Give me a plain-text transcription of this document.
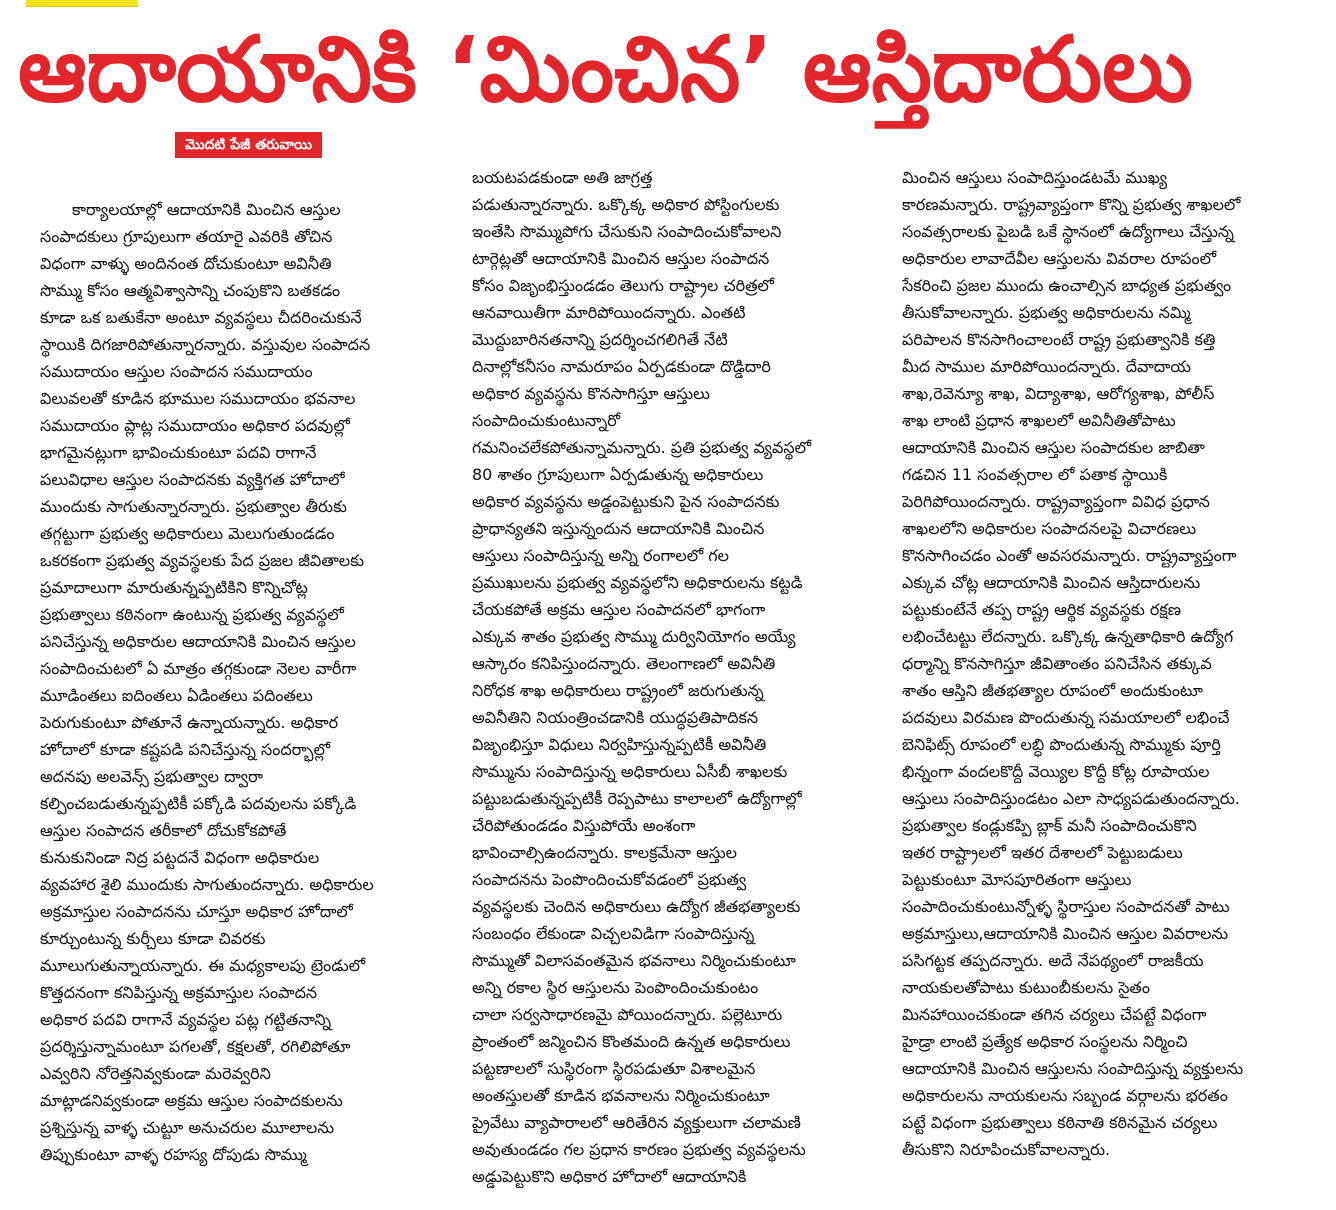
ఆదాయానికి ‘మించిన’ ఆస్తిదారులు
మొదటి పేజీ తరువాయి

కార్యాలయాల్లో ఆదాయానికి మించిన ఆస్తుల

సంపాదకులు గ్రూపులుగా తయారై ఎవరికి తోచిన

విధంగా వాళ్ళు అందినంత దోచుకుంటూ అవినీతి

సొమ్ము కోసం ఆత్మవిశ్వాసాన్ని చంపుకొని బతకడం

కూడా ఒక బతుకేనా అంటూ వ్యవస్థలు చీదరించుకునే

స్థాయికి దిగజారిపోతున్నారన్నారు. వస్తువుల సంపాదన

సముదాయం ఆస్తుల సంపాదన సముదాయం

విలువలతో కూడిన భూముల సముదాయం భవనాల

సముదాయం ప్లాట్ల సముదాయం అధికార పదవుల్లో

భాగమైనట్లుగా భావించుకుంటూ పదవి రాగానే

పలువిధాల ఆస్తుల సంపాదనకు వ్యక్తిగత హోదాలో

ముందుకు సాగుతున్నారన్నారు. ప్రభుత్వాల తీరుకు

తగ్గట్టుగా ప్రభుత్వ అధికారులు మెలుగుతుండడం

ఒకరకంగా ప్రభుత్వ వ్యవస్థలకు పేద ప్రజల జీవితాలకు

ప్రమాదాలుగా మారుతున్నప్పటికిని కొన్నిచోట్ల

ప్రభుత్వాలు కఠినంగా ఉంటున్న ప్రభుత్వ వ్యవస్థలో

పనిచేస్తున్న అధికారుల ఆదాయానికి మించిన ఆస్తుల

సంపాదించుటలో ఏ మాత్రం తగ్గకుండా నెలల వారీగా

మూడింతలు ఐదింతలు ఏడింతలు పదింతలు

పెరుగుకుంటూ పోతూనే ఉన్నాయన్నారు. అధికార

హోదాలో కూడా కష్టపడి పనిచేస్తున్న సందర్భాల్లో

అదనపు అలవెన్స్ ప్రభుత్వాల ద్వారా

కల్పించబడుతున్నప్పటికీ పక్కోడి పదవులను పక్కోడి

ఆస్తుల సంపాదన తరీకాలో దోచుకోకపోతే

కునుకునిండా నిద్ర పట్టదనే విధంగా అధికారుల

వ్యవహార శైలి ముందుకు సాగుతుందన్నారు. అధికారుల

అక్రమాస్తుల సంపాదనను చూస్తూ అధికార హోదాలో

కూర్చుంటున్న కుర్చీలు కూడా చివరకు

మూలుగుతున్నాయన్నారు. ఈ మధ్యకాలపు ట్రెండులో

కొత్తదనంగా కనిపిస్తున్న అక్రమాస్తుల సంపాదన

అధికార పదవి రాగానే వ్యవస్థల పట్ల గట్టితనాన్ని

ప్రదర్శిస్తున్నామంటూ పగలతో, కక్షలతో, రగిలిపోతూ

ఎవ్వరిని నోరెత్తనివ్వకుండా మరెవ్వరిని

మాట్లాడనివ్వకుండా అక్రమ ఆస్తుల సంపాదకులను

ప్రశ్నిస్తున్న వాళ్ళ చుట్టూ అనుచరుల మూలాలను

తిప్పుకుంటూ వాళ్ళ రహస్య దోపుడు సొమ్ము

బయటపడకుండా అతి జాగ్రత్త

పడుతున్నారన్నారు. ఒక్కొక్క అధికార పోస్టింగులకు

ఇంతేసి సొమ్ముపోగు చేసుకుని సంపాదించుకోవాలని

టార్గెట్లతో ఆదాయానికి మించిన ఆస్తుల సంపాదన

కోసం విజృంభిస్తుండడం తెలుగు రాష్ట్రాల చరిత్రలో

ఆనవాయితీగా మారిపోయిందన్నారు. ఎంతటి

మొద్దుబారినతనాన్ని ప్రదర్శించగలిగితే నేటి

దినాల్లోకనీసం నామరూపం ఏర్పడకుండా దొడ్డిదారి

అధికార వ్యవస్థను కొనసాగిస్తూ ఆస్తులు

సంపాదించుకుంటున్నారో

గమనించలేకపోతున్నామన్నారు. ప్రతి ప్రభుత్వ వ్యవస్థలో

80 శాతం గ్రూపులుగా ఏర్పడుతున్న అధికారులు

అధికార వ్యవస్థను అడ్డంపెట్టుకుని పైన సంపాదనకు

ప్రాధాన్యతని ఇస్తున్నందున ఆదాయానికి మించిన

ఆస్తులు సంపాదిస్తున్న అన్ని రంగాలలో గల

ప్రముఖులను ప్రభుత్వ వ్యవస్థలోని అధికారులను కట్టడి

చేయకపోతే అక్రమ ఆస్తుల సంపాదనలో భాగంగా

ఎక్కువ శాతం ప్రభుత్వ సొమ్ము దుర్వినియోగం అయ్యే

ఆస్కారం కనిపిస్తుందన్నారు. తెలంగాణలో అవినీతి

నిరోధక శాఖ అధికారులు రాష్ట్రంలో జరుగుతున్న

అవినీతిని నియంత్రించడానికి యుద్ధప్రతిపాదికన

విజృంభిస్తూ విధులు నిర్వహిస్తున్నప్పటికీ అవినీతి

సొమ్మును సంపాదిస్తున్న అధికారులు ఏసీబీ శాఖలకు

పట్టుబడుతున్నప్పటికీ రెప్పపాటు కాలాలలో ఉద్యోగాల్లో

చేరిపోతుండడం విస్తుపోయే అంశంగా

భావించాల్సిఉందన్నారు. కాలక్రమేనా ఆస్తుల

సంపాదనను పెంపొందించుకోవడంలో ప్రభుత్వ

వ్యవస్థలకు చెందిన అధికారులు ఉద్యోగ జీతభత్యాలకు

సంబంధం లేకుండా విచ్చలవిడిగా సంపాదిస్తున్న

సొమ్ముతో విలాసవంతమైన భవనాలు నిర్మించుకుంటూ

అన్ని రకాల స్థిర ఆస్తులను పెంపొందించుకుంటం

చాలా సర్వసాధారణమై పోయిందన్నారు. పల్లెటూరు

ప్రాంతంలో జన్మించిన కొంతమంది ఉన్నత అధికారులు

పట్టణాలలో సుస్థిరంగా స్థిరపడుతూ విశాలమైన

అంతస్తులతో కూడిన భవనాలను నిర్మించుకుంటూ

ప్రైవేటు వ్యాపారాలలో ఆరితేరిన వ్యక్తులుగా చలామణి

అవుతుండడం గల ప్రధాన కారణం ప్రభుత్వ వ్యవస్థలను

అడ్డుపెట్టుకొని అధికార హోదాలో ఆదాయానికి

మించిన ఆస్తులు సంపాదిస్తుండటమే ముఖ్య

కారణమన్నారు. రాష్ట్రవ్యాప్తంగా కొన్ని ప్రభుత్వ శాఖలలో

సంవత్సరాలకు పైబడి ఒకే స్థానంలో ఉద్యోగాలు చేస్తున్న

అధికారుల లావాదేవీల ఆస్తులను వివరాల రూపంలో

సేకరించి ప్రజల ముందు ఉంచాల్సిన బాధ్యత ప్రభుత్వం

తీసుకోవాలన్నారు. ప్రభుత్వ అధికారులను నమ్మి

పరిపాలన కొనసాగించాలంటే రాష్ట్ర ప్రభుత్వానికి కత్తి

మీద సాముల మారిపోయిందన్నారు. దేవాదాయ

శాఖ,రెవెన్యూ శాఖ, విద్యాశాఖ, ఆరోగ్యశాఖ, పోలీస్

శాఖ లాంటి ప్రధాన శాఖలలో అవినీతితోపాటు

ఆదాయానికి మించిన ఆస్తుల సంపాదకుల జాబితా

గడచిన 11 సంవత్సరాల లో పతాక స్థాయికి

పెరిగిపోయిందన్నారు. రాష్ట్రవ్యాప్తంగా వివిధ ప్రధాన

శాఖలలోని అధికారుల సంపాదనలపై విచారణలు

కొనసాగించడం ఎంతో అవసరమన్నారు. రాష్ట్రవ్యాప్తంగా

ఎక్కువ చోట్ల ఆదాయానికి మించిన ఆస్తిదారులను

పట్టుకుంటేనే తప్ప రాష్ట్ర ఆర్థిక వ్యవస్థకు రక్షణ

లభించేటట్టు లేదన్నారు. ఒక్కొక్క ఉన్నతాధికారి ఉద్యోగ

ధర్మాన్ని కొనసాగిస్తూ జీవితాంతం పనిచేసిన తక్కువ

శాతం ఆస్తిని జీతభత్యాల రూపంలో అందుకుంటూ

పదవులు విరమణ పొందుతున్న సమయాలలో లభించే

బెనిఫిట్స్ రూపంలో లబ్ధి పొందుతున్న సొమ్ముకు పూర్తి

భిన్నంగా వందలకొద్దీ వెయ్యిల కొద్దీ కోట్ల రూపాయల

ఆస్తులు సంపాదిస్తుండటం ఎలా సాధ్యపడుతుందన్నారు.

ప్రభుత్వాల కండ్లుకప్పి బ్లాక్ మనీ సంపాదించుకొని

ఇతర రాష్ట్రాలలో ఇతర దేశాలలో పెట్టుబడులు

పెట్టుకుంటూ మోసపూరితంగా ఆస్తులు

సంపాదించుకుంటున్నోళ్ళ స్థిరాస్తుల సంపాదనతో పాటు

అక్రమాస్తులు,ఆదాయానికి మించిన ఆస్తుల వివరాలను

పసిగట్టక తప్పదన్నారు. అదే నేపథ్యంలో రాజకీయ

నాయకులతోపాటు కుటుంబీకులను సైతం

మినహాయించకుండా తగిన చర్యలు చేపట్టే విధంగా

హైడ్రా లాంటి ప్రత్యేక అధికార సంస్థలను నిర్మించి

ఆదాయానికి మించిన ఆస్తులను సంపాదిస్తున్న వ్యక్తులను

అధికారులను నాయకులను సబ్బండ వర్గాలను భరతం

పట్టే విధంగా ప్రభుత్వాలు కఠినాతి కఠినమైన చర్యలు

తీసుకొని నిరూపించుకోవాలన్నారు.
